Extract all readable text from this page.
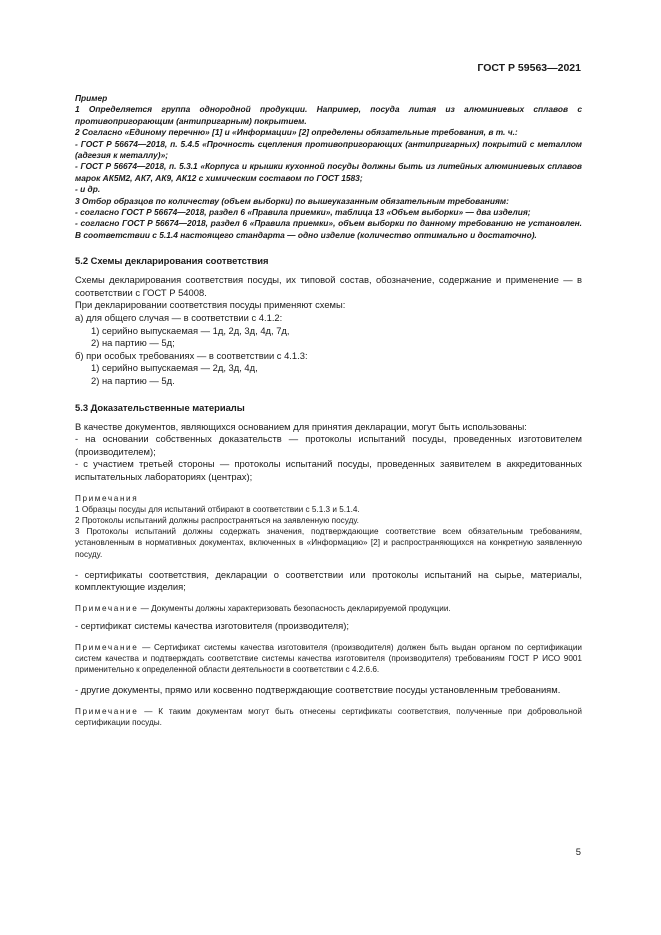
ГОСТ Р 59563—2021

Пример

1 Определяется группа однородной продукции. Например, посуда литая из алюминиевых сплавов с противопригорающим (антипригарным) покрытием.

2 Согласно «Единому перечню» [1] и «Информации» [2] определены обязательные требования, в т. ч.:

- ГОСТ Р 56674—2018, п. 5.4.5 «Прочность сцепления противопригорающих (антипригарных) покрытий с металлом (адгезия к металлу)»;

- ГОСТ Р 56674—2018, п. 5.3.1 «Корпуса и крышки кухонной посуды должны быть из литейных алюминиевых сплавов марок АК5М2, АК7, АК9, АК12 с химическим составом по ГОСТ 1583;

- и др.

3 Отбор образцов по количеству (объем выборки) по вышеуказанным обязательным требованиям:

- согласно ГОСТ Р 56674—2018, раздел 6 «Правила приемки», таблица 13 «Объем выборки» — два изделия;

- согласно ГОСТ Р 56674—2018, раздел 6 «Правила приемки», объем выборки по данному требованию не установлен. В соответствии с 5.1.4 настоящего стандарта — одно изделие (количество оптимально и достаточно).

5.2 Схемы декларирования соответствия

Схемы декларирования соответствия посуды, их типовой состав, обозначение, содержание и применение — в соответствии с ГОСТ Р 54008.

При декларировании соответствия посуды применяют схемы:

а) для общего случая — в соответствии с 4.1.2:

1) серийно выпускаемая — 1д, 2д, 3д, 4д, 7д,

2) на партию — 5д;

б) при особых требованиях — в соответствии с 4.1.3:

1) серийно выпускаемая — 2д, 3д, 4д,

2) на партию — 5д.

5.3 Доказательственные материалы

В качестве документов, являющихся основанием для принятия декларации, могут быть использованы:

- на основании собственных доказательств — протоколы испытаний посуды, проведенных изготовителем (производителем);

- с участием третьей стороны — протоколы испытаний посуды, проведенных заявителем в аккредитованных испытательных лабораториях (центрах);

Примечания

1 Образцы посуды для испытаний отбирают в соответствии с 5.1.3 и 5.1.4.

2 Протоколы испытаний должны распространяться на заявленную посуду.

3 Протоколы испытаний должны содержать значения, подтверждающие соответствие всем обязательным требованиям, установленным в нормативных документах, включенных в «Информацию» [2] и распространяющихся на конкретную заявленную посуду.

- сертификаты соответствия, декларации о соответствии или протоколы испытаний на сырье, материалы, комплектующие изделия;

Примечание — Документы должны характеризовать безопасность декларируемой продукции.

- сертификат системы качества изготовителя (производителя);

Примечание — Сертификат системы качества изготовителя (производителя) должен быть выдан органом по сертификации систем качества и подтверждать соответствие системы качества изготовителя (производителя) требованиям ГОСТ Р ИСО 9001 применительно к определенной области деятельности в соответствии с 4.2.6.6.

- другие документы, прямо или косвенно подтверждающие соответствие посуды установленным требованиям.

Примечание — К таким документам могут быть отнесены сертификаты соответствия, полученные при добровольной сертификации посуды.

5
